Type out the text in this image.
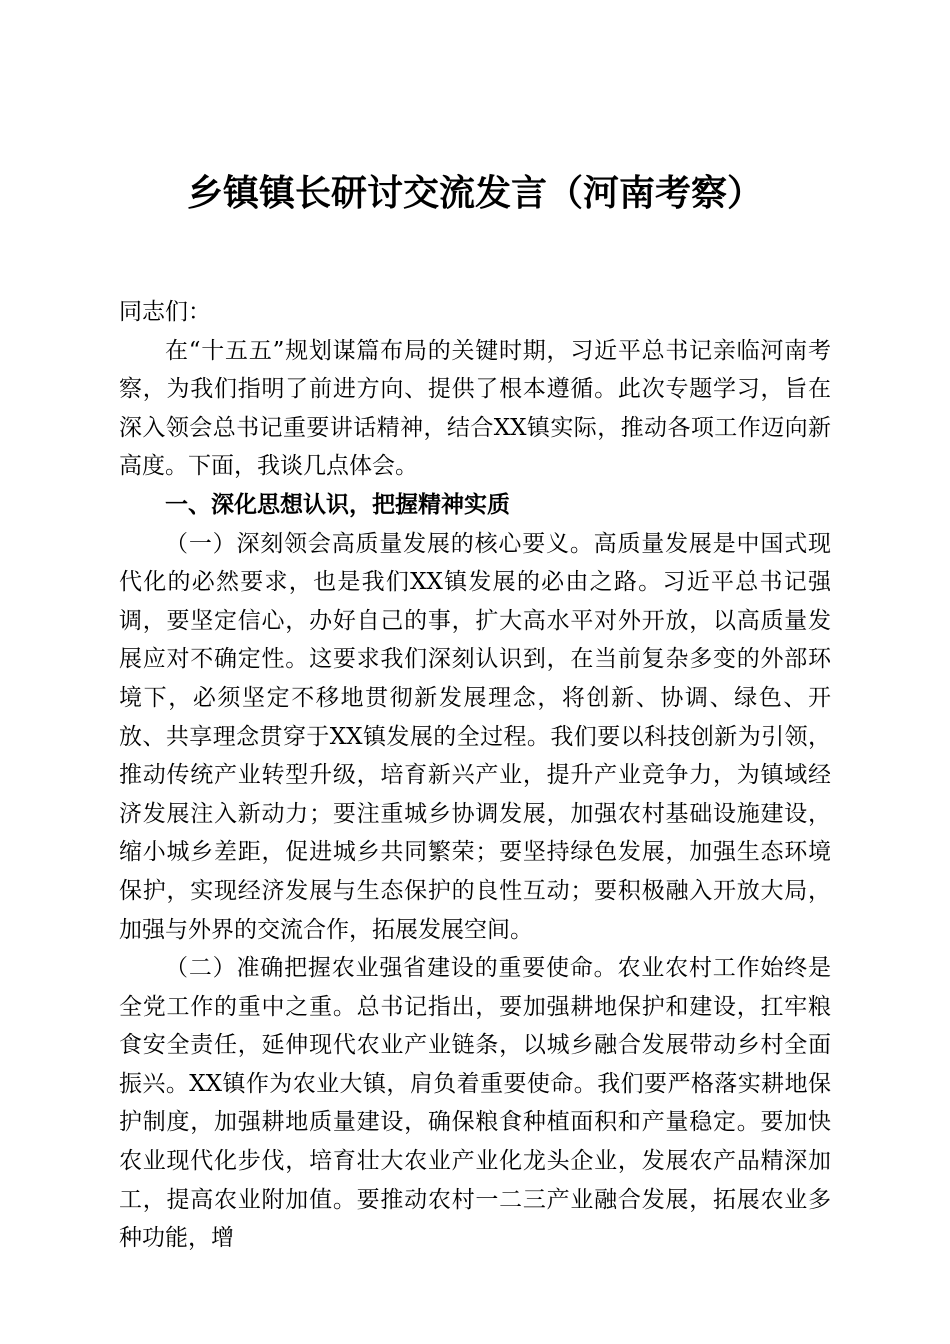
乡镇镇长研讨交流发言（河南考察）

同志们：

在“十五五”规划谋篇布局的关键时期，习近平总书记亲临河南考察，为我们指明了前进方向、提供了根本遵循。此次专题学习，旨在深入领会总书记重要讲话精神，结合XX镇实际，推动各项工作迈向新高度。下面，我谈几点体会。

一、深化思想认识，把握精神实质

（一）深刻领会高质量发展的核心要义。高质量发展是中国式现代化的必然要求，也是我们XX镇发展的必由之路。习近平总书记强调，要坚定信心，办好自己的事，扩大高水平对外开放，以高质量发展应对不确定性。这要求我们深刻认识到，在当前复杂多变的外部环境下，必须坚定不移地贯彻新发展理念，将创新、协调、绿色、开放、共享理念贯穿于XX镇发展的全过程。我们要以科技创新为引领，推动传统产业转型升级，培育新兴产业，提升产业竞争力，为镇域经济发展注入新动力；要注重城乡协调发展，加强农村基础设施建设，缩小城乡差距，促进城乡共同繁荣；要坚持绿色发展，加强生态环境保护，实现经济发展与生态保护的良性互动；要积极融入开放大局，加强与外界的交流合作，拓展发展空间。

（二）准确把握农业强省建设的重要使命。农业农村工作始终是全党工作的重中之重。总书记指出，要加强耕地保护和建设，扛牢粮食安全责任，延伸现代农业产业链条，以城乡融合发展带动乡村全面振兴。XX镇作为农业大镇，肩负着重要使命。我们要严格落实耕地保护制度，加强耕地质量建设，确保粮食种植面积和产量稳定。要加快农业现代化步伐，培育壮大农业产业化龙头企业，发展农产品精深加工，提高农业附加值。要推动农村一二三产业融合发展，拓展农业多种功能，增
